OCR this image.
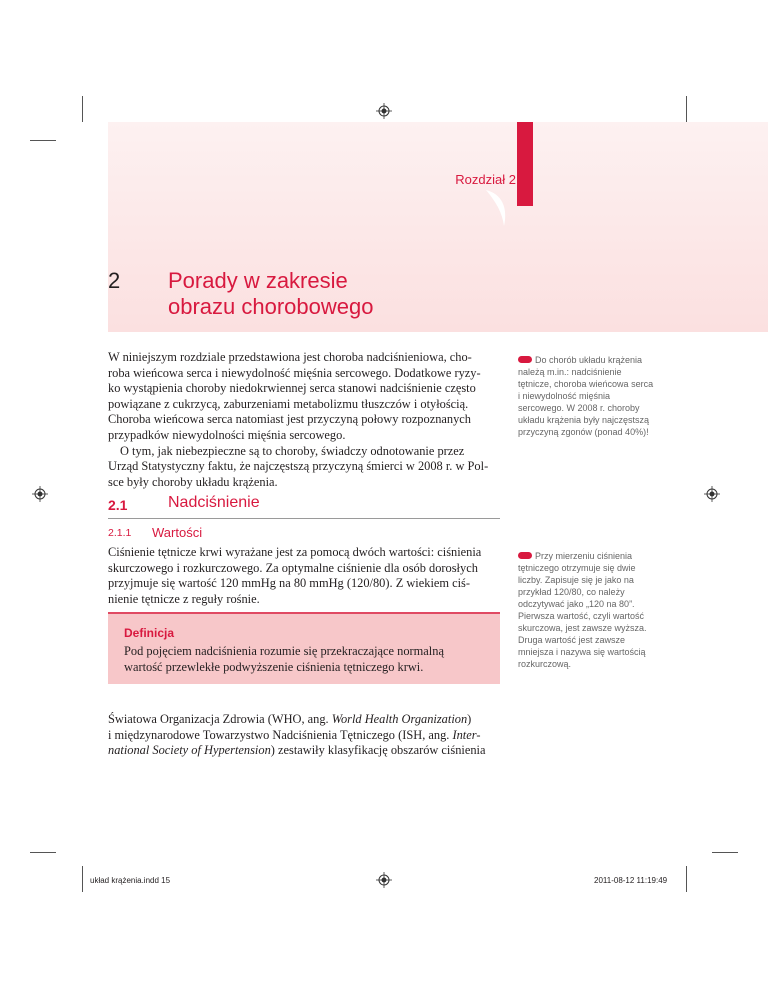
Rozdział 2
2 Porady w zakresie
obrazu chorobowego
W niniejszym rozdziale przedstawiona jest choroba nadciśnieniowa, cho-
roba wieńcowa serca i niewydolność mięśnia sercowego. Dodatkowe ryzy-
ko wystąpienia choroby niedokrwiennej serca stanowi nadciśnienie często
powiązane z cukrzycą, zaburzeniami metabolizmu tłuszczów i otyłością.
Choroba wieńcowa serca natomiast jest przyczyną połowy rozpoznanych
przypadków niewydolności mięśnia sercowego.
O tym, jak niebezpieczne są to choroby, świadczy odnotowanie przez
Urząd Statystyczny faktu, że najczęstszą przyczyną śmierci w 2008 r. w Pol-
sce były choroby układu krążenia.
Do chorób układu krążenia
należą m.in.: nadciśnienie
tętnicze, choroba wieńcowa serca
i niewydolność mięśnia
sercowego. W 2008 r. choroby
układu krążenia były najczęstszą
przyczyną zgonów (ponad 40%)!
2.1	Nadciśnienie
2.1.1 Wartości
Ciśnienie tętnicze krwi wyrażane jest za pomocą dwóch wartości: ciśnienia
skurczowego i rozkurczowego. Za optymalne ciśnienie dla osób dorosłych
przyjmuje się wartość 120 mmHg na 80 mmHg (120/80). Z wiekiem ciś-
nienie tętnicze z reguły rośnie.
Przy mierzeniu ciśnienia
tętniczego otrzymuje się dwie
liczby. Zapisuje się je jako na
przykład 120/80, co należy
odczytywać jako „120 na 80”.
Pierwsza wartość, czyli wartość
skurczowa, jest zawsze wyższa.
Druga wartość jest zawsze
mniejsza i nazywa się wartością
rozkurczową.
Definicja
Pod pojęciem nadciśnienia rozumie się przekraczające normalną
wartość przewlekłe podwyższenie ciśnienia tętniczego krwi.
Światowa Organizacja Zdrowia (WHO, ang. World Health Organization)
i międzynarodowe Towarzystwo Nadciśnienia Tętniczego (ISH, ang. Inter-
national Society of Hypertension) zestawiły klasyfikację obszarów ciśnienia
układ krążenia.indd 15	2011-08-12 11:19:49
